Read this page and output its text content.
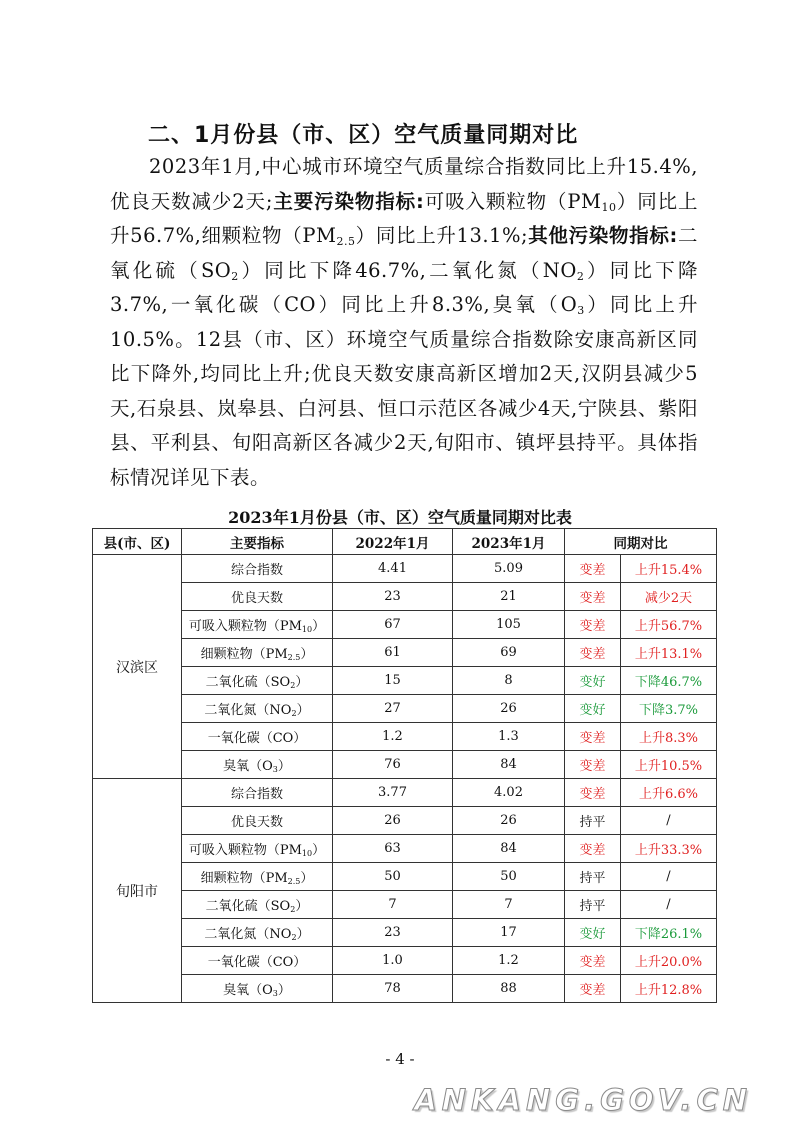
二、1月份县（市、区）空气质量同期对比

2023年1月,中心城市环境空气质量综合指数同比上升15.4%,优良天数减少2天;主要污染物指标:可吸入颗粒物$(PM_{10})$同比上升56.7%,细颗粒物$(PM_{2.5})$同比上升13.1%;其他污染物指标:二氧化硫$(SO_2)$同比下降46.7%,二氧化氮$(NO_2)$同比下降3.7%,一氧化碳（CO）同比上升8.3%,臭氧$(O_3)$同比上升10.5%。12县（市、区）环境空气质量综合指数除安康高新区同比下降外,均同比上升;优良天数安康高新区增加2天,汉阴县减少5天,石泉县、岚皋县、白河县、恒口示范区各减少4天,宁陕县、紫阳县、平利县、旬阳高新区各减少2天,旬阳市、镇坪县持平。具体指标情况详见下表。

2023年1月份县（市、区）空气质量同期对比表

县(市、区)	主要指标	2022年1月	2023年1月	同期对比	
汉滨区	综合指数	4.41	5.09	变差	上升15.4%
	优良天数	23	21	变差	减少2天
	可吸入颗粒物$(PM_{10})$	67	105	变差	上升56.7%
	细颗粒物$(PM_{2.5})$	61	69	变差	上升13.1%
	二氧化硫$(SO_2)$	15	8	变好	下降46.7%
	二氧化氮$(NO_2)$	27	26	变好	下降3.7%
	一氧化碳（CO）	1.2	1.3	变差	上升8.3%
	臭氧$(O_3)$	76	84	变差	上升10.5%
旬阳市	综合指数	3.77	4.02	变差	上升6.6%
	优良天数	26	26	持平	/
	可吸入颗粒物$(PM_{10})$	63	84	变差	上升33.3%
	细颗粒物$(PM_{2.5})$	50	50	持平	/
	二氧化硫$(SO_2)$	7	7	持平	/
	二氧化氮$(NO_2)$	23	17	变好	下降26.1%
	一氧化碳（CO）	1.0	1.2	变差	上升20.0%
	臭氧$(O_3)$	78	88	变差	上升12.8%

- 4 -

ANKANG.GOV.CN
